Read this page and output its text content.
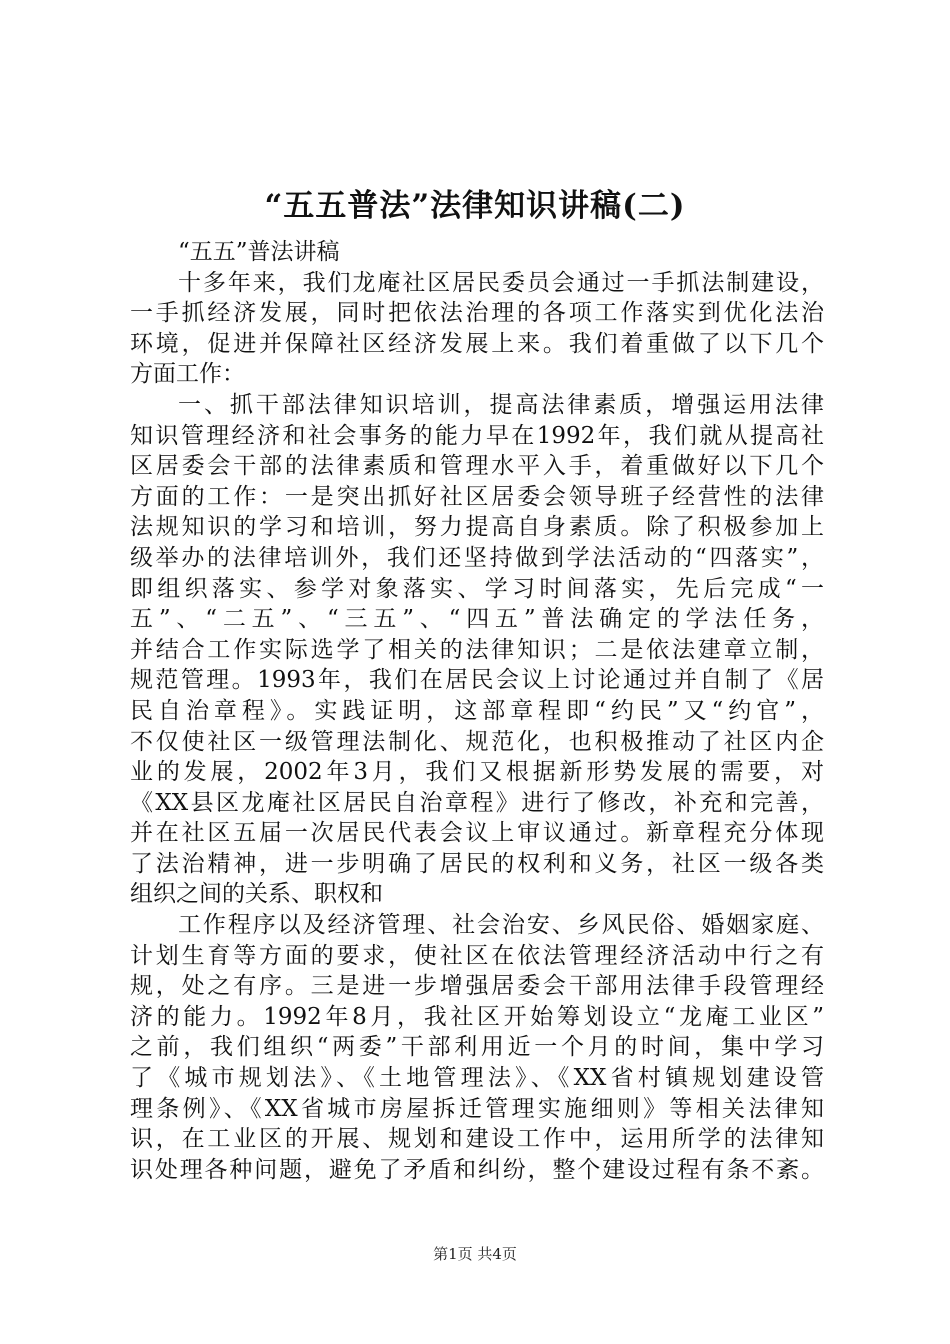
“五五普法”法律知识讲稿(二)
“五五”普法讲稿
十多年来，我们龙庵社区居民委员会通过一手抓法制建设，
一手抓经济发展，同时把依法治理的各项工作落实到优化法治
环境，促进并保障社区经济发展上来。我们着重做了以下几个
方面工作：
一、抓干部法律知识培训，提高法律素质，增强运用法律
知识管理经济和社会事务的能力早在1992年，我们就从提高社
区居委会干部的法律素质和管理水平入手，着重做好以下几个
方面的工作：一是突出抓好社区居委会领导班子经营性的法律
法规知识的学习和培训，努力提高自身素质。除了积极参加上
级举办的法律培训外，我们还坚持做到学法活动的“四落实”，
即组织落实、参学对象落实、学习时间落实，先后完成“一
五”、“二五”、“三五”、“四五”普法确定的学法任务，
并结合工作实际选学了相关的法律知识；二是依法建章立制，
规范管理。1993年，我们在居民会议上讨论通过并自制了《居
民自治章程》。实践证明，这部章程即“约民”又“约官”，
不仅使社区一级管理法制化、规范化，也积极推动了社区内企
业的发展，2002年3月，我们又根据新形势发展的需要，对
《XX县区龙庵社区居民自治章程》进行了修改，补充和完善，
并在社区五届一次居民代表会议上审议通过。新章程充分体现
了法治精神，进一步明确了居民的权利和义务，社区一级各类
组织之间的关系、职权和
工作程序以及经济管理、社会治安、乡风民俗、婚姻家庭、
计划生育等方面的要求，使社区在依法管理经济活动中行之有
规，处之有序。三是进一步增强居委会干部用法律手段管理经
济的能力。1992年8月，我社区开始筹划设立“龙庵工业区”
之前，我们组织“两委”干部利用近一个月的时间，集中学习
了《城市规划法》、《土地管理法》、《XX省村镇规划建设管
理条例》、《XX省城市房屋拆迁管理实施细则》等相关法律知
识，在工业区的开展、规划和建设工作中，运用所学的法律知
识处理各种问题，避免了矛盾和纠纷，整个建设过程有条不紊。
第1页 共4页
